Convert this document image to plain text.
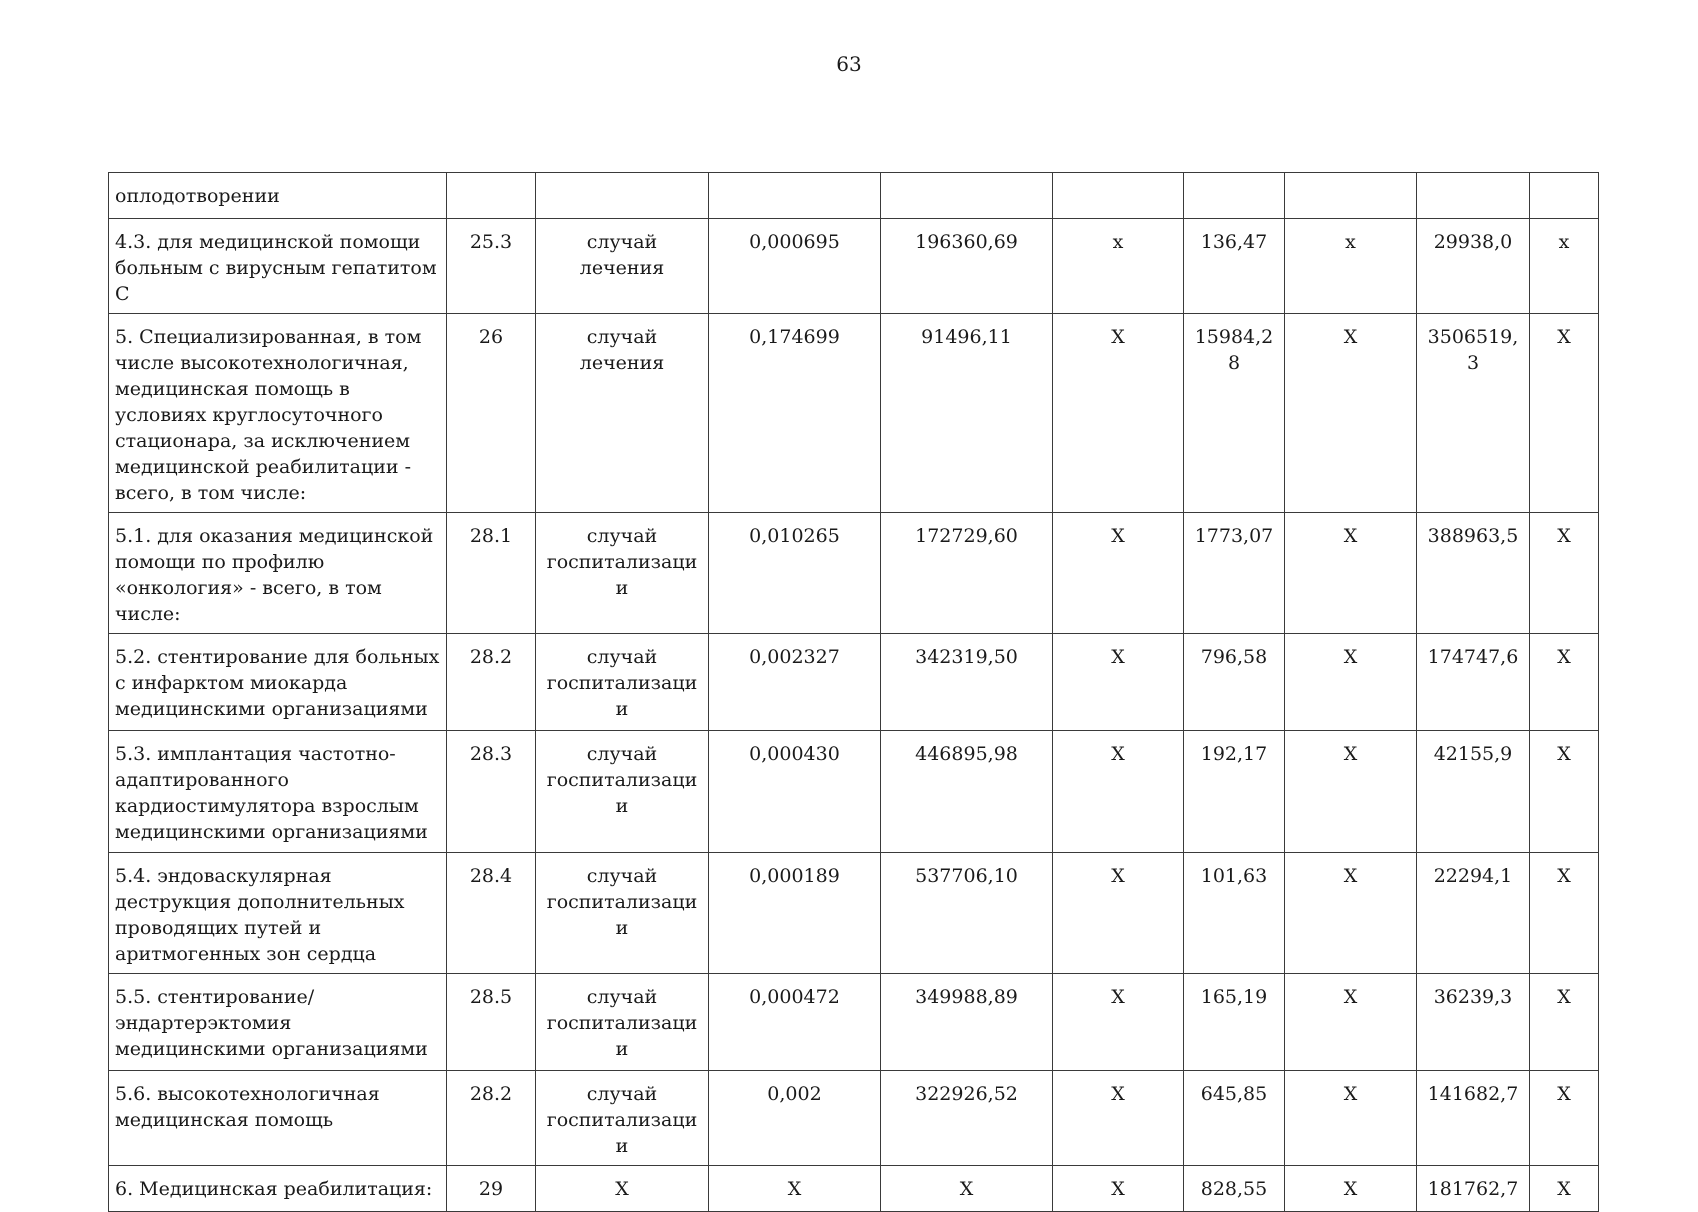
63
оплодотворении									
4.3. для медицинской помощи больным с вирусным гепатитом С	25.3	случай лечения	0,000695	196360,69	x	136,47	x	29938,0	x
5. Специализированная, в том числе высокотехнологичная, медицинская помощь в условиях круглосуточного стационара, за исключением медицинской реабилитации - всего, в том числе:	26	случай лечения	0,174699	91496,11	X	15984,28	X	3506519,3	X
5.1. для оказания медицинской помощи по профилю «онкология» - всего, в том числе:	28.1	случай госпитализации	0,010265	172729,60	X	1773,07	X	388963,5	X
5.2. стентирование для больных с инфарктом миокарда медицинскими организациями	28.2	случай госпитализации	0,002327	342319,50	X	796,58	X	174747,6	X
5.3. имплантация частотно-адаптированного кардиостимулятора взрослым медицинскими организациями	28.3	случай госпитализации	0,000430	446895,98	X	192,17	X	42155,9	X
5.4. эндоваскулярная деструкция дополнительных проводящих путей и аритмогенных зон сердца	28.4	случай госпитализации	0,000189	537706,10	X	101,63	X	22294,1	X
5.5. стентирование/эндартерэктомия медицинскими организациями	28.5	случай госпитализации	0,000472	349988,89	X	165,19	X	36239,3	X
5.6. высокотехнологичная медицинская помощь	28.2	случай госпитализации	0,002	322926,52	X	645,85	X	141682,7	X
6. Медицинская реабилитация:	29	X	X	X	X	828,55	X	181762,7	X
